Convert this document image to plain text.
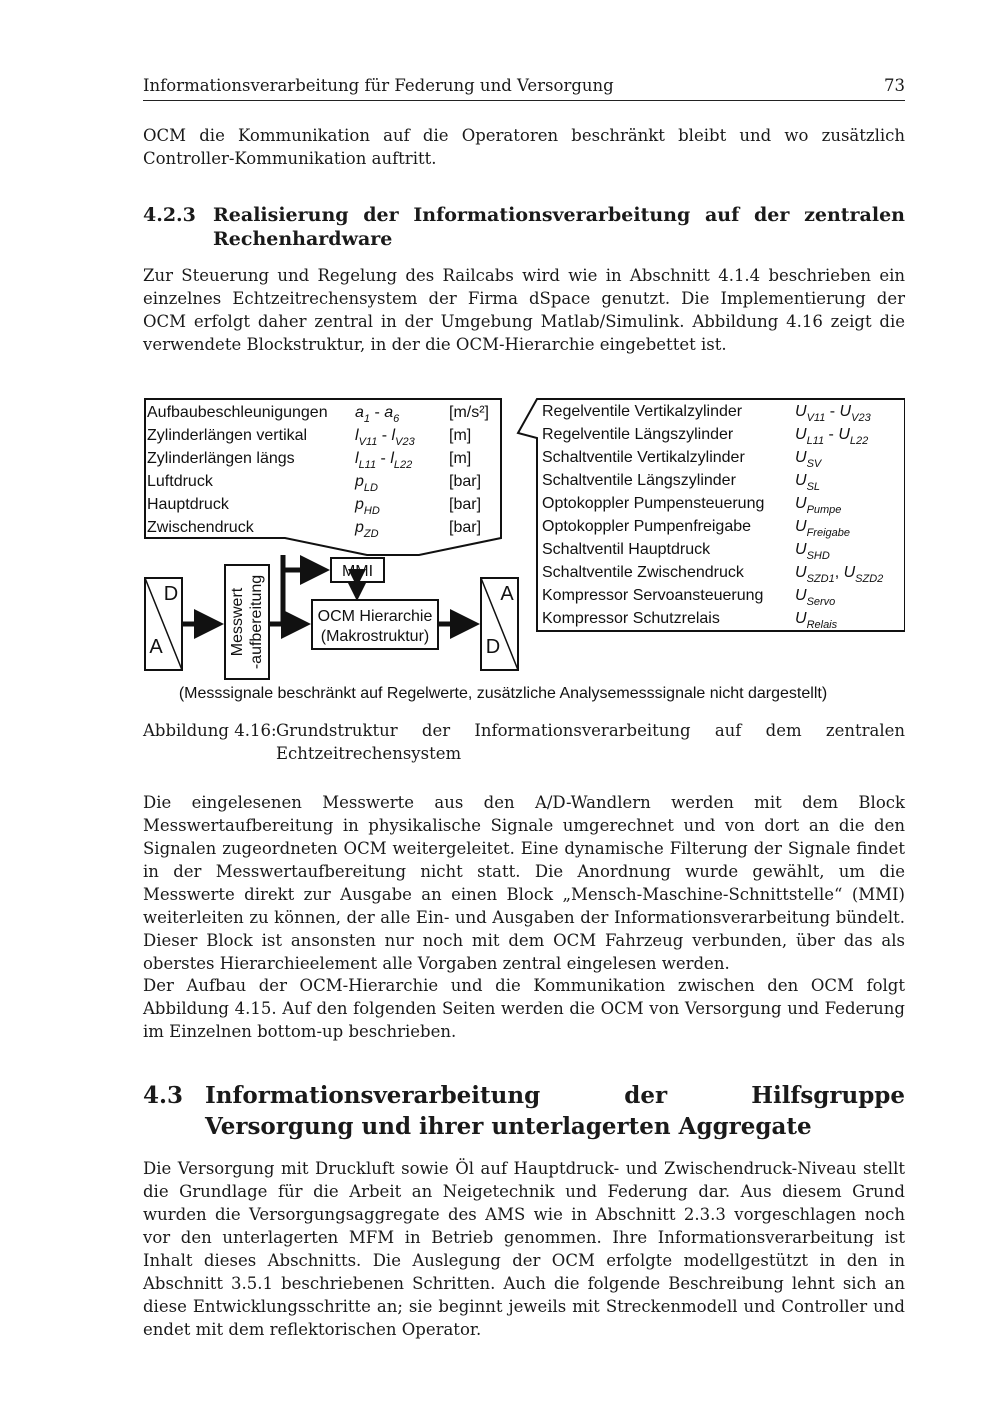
Informationsverarbeitung für Federung und Versorgung	73

OCM die Kommunikation auf die Operatoren beschränkt bleibt und wo zusätzlich Controller-Kommunikation auftritt.

4.2.3 Realisierung der Informationsverarbeitung auf der zentralen Rechenhardware

Zur Steuerung und Regelung des Railcabs wird wie in Abschnitt 4.1.4 beschrieben ein einzelnes Echtzeitrechensystem der Firma dSpace genutzt. Die Implementierung der OCM erfolgt daher zentral in der Umgebung Matlab/Simulink. Abbildung 4.16 zeigt die verwendete Blockstruktur, in der die OCM-Hierarchie eingebettet ist.

Aufbaubeschleunigungen $a_1 - a_6$	[m/s²]
Zylinderlängen vertikal	$l_{V11} - l_{V23}$ [m]
Zylinderlängen längs	$l_{L11} - l_{L22}$ [m]
Luftdruck	$p_{LD}$	[bar]
Hauptdruck	$p_{HD}$	[bar]
Zwischendruck	$p_{ZD}$	[bar]
Regelventile Vertikalzylinder	$U_{V11} - U_{V23}$
Regelventile Längszylinder	$U_{L11} - U_{L22}$
Schaltventile Vertikalzylinder	$U_{SV}$
Schaltventile Längszylinder	$U_{SL}$
Optokoppler Pumpensteuerung $U_{Pumpe}$
Optokoppler Pumpenfreigabe	$U_{Freigabe}$
Schaltventil Hauptdruck	$U_{SHD}$
Schaltventile Zwischendruck	$U_{SZD1}$, $U_{SZD2}$
Kompressor Servoansteuerung $U_{Servo}$
Kompressor Schutzrelais	$U_{Relais}$
D
A	Messwert -aufbereitung
MMI
OCM Hierarchie
(Makrostruktur)
A
D
(Messsignale beschränkt auf Regelwerte, zusätzliche Analysemesssignale nicht dargestellt)
Abbildung 4.16: Grundstruktur der Informationsverarbeitung auf dem zentralen Echtzeitrechensystem

Die eingelesenen Messwerte aus den A/D-Wandlern werden mit dem Block Messwertaufbereitung in physikalische Signale umgerechnet und von dort an die den Signalen zugeordneten OCM weitergeleitet. Eine dynamische Filterung der Signale findet in der Messwertaufbereitung nicht statt. Die Anordnung wurde gewählt, um die Messwerte direkt zur Ausgabe an einen Block „Mensch-Maschine-Schnittstelle“ (MMI) weiterleiten zu können, der alle Ein- und Ausgaben der Informationsverarbeitung bündelt. Dieser Block ist ansonsten nur noch mit dem OCM Fahrzeug verbunden, über das als oberstes Hierarchieelement alle Vorgaben zentral eingelesen werden.

Der Aufbau der OCM-Hierarchie und die Kommunikation zwischen den OCM folgt Abbildung 4.15. Auf den folgenden Seiten werden die OCM von Versorgung und Federung im Einzelnen bottom-up beschrieben.

4.3 Informationsverarbeitung der Hilfsgruppe Versorgung und ihrer unterlagerten Aggregate

Die Versorgung mit Druckluft sowie Öl auf Hauptdruck- und Zwischendruck-Niveau stellt die Grundlage für die Arbeit an Neigetechnik und Federung dar. Aus diesem Grund wurden die Versorgungsaggregate des AMS wie in Abschnitt 2.3.3 vorgeschlagen noch vor den unterlagerten MFM in Betrieb genommen. Ihre Informationsverarbeitung ist Inhalt dieses Abschnitts. Die Auslegung der OCM erfolgte modellgestützt in den in Abschnitt 3.5.1 beschriebenen Schritten. Auch die folgende Beschreibung lehnt sich an diese Entwicklungsschritte an; sie beginnt jeweils mit Streckenmodell und Controller und endet mit dem reflektorischen Operator.
